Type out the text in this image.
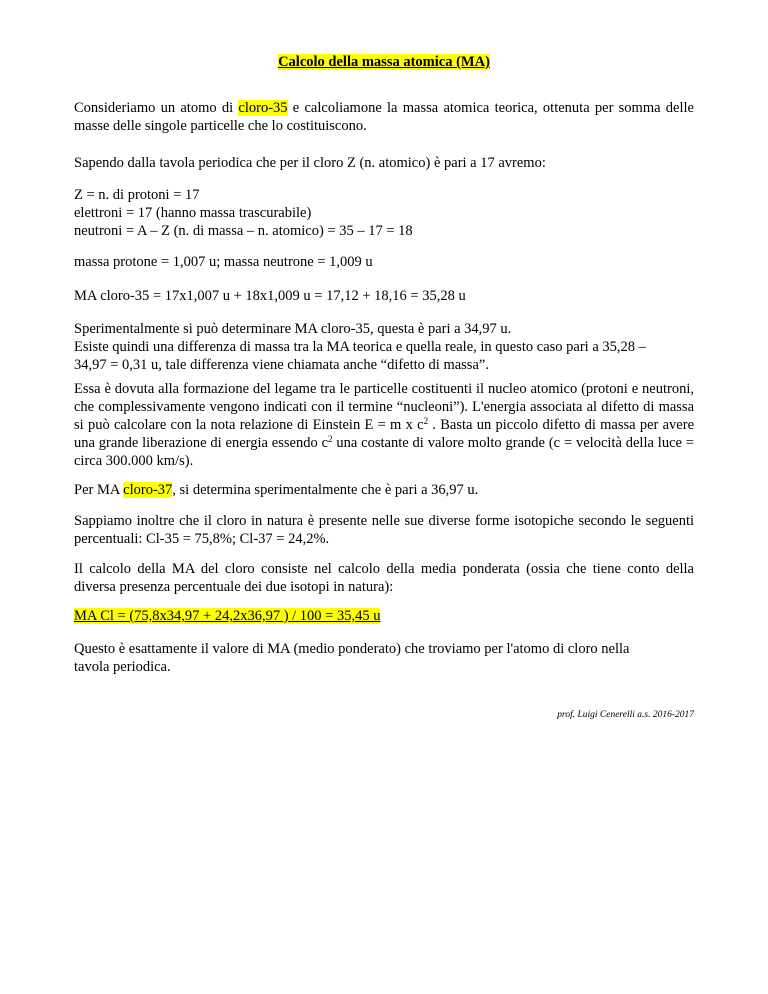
Calcolo della massa atomica (MA)

Consideriamo un atomo di cloro-35 e calcoliamone la massa atomica teorica, ottenuta per somma delle masse delle singole particelle che lo costituiscono.

Sapendo dalla tavola periodica che per il cloro Z (n. atomico) è pari a 17 avremo:

Z = n. di protoni = 17
elettroni = 17 (hanno massa trascurabile)
neutroni = A – Z (n. di massa – n. atomico) = 35 – 17 = 18

massa protone = 1,007 u; massa neutrone = 1,009 u

MA cloro-35 = 17x1,007 u + 18x1,009 u = 17,12 + 18,16 = 35,28 u

Sperimentalmente si può determinare MA cloro-35, questa è pari a 34,97 u.
Esiste quindi una differenza di massa tra la MA teorica e quella reale, in questo caso pari a 35,28 –
34,97 = 0,31 u, tale differenza viene chiamata anche “difetto di massa”.

Essa è dovuta alla formazione del legame tra le particelle costituenti il nucleo atomico (protoni e neutroni, che complessivamente vengono indicati con il termine “nucleoni”). L'energia associata al difetto di massa si può calcolare con la nota relazione di Einstein E = m x $c^2$ . Basta un piccolo difetto di massa per avere una grande liberazione di energia essendo $c^2$ una costante di valore molto grande (c = velocità della luce = circa 300.000 km/s).

Per MA cloro-37, si determina sperimentalmente che è pari a 36,97 u.

Sappiamo inoltre che il cloro in natura è presente nelle sue diverse forme isotopiche secondo le seguenti percentuali: Cl-35 = 75,8%; Cl-37 = 24,2%.

Il calcolo della MA del cloro consiste nel calcolo della media ponderata (ossia che tiene conto della diversa presenza percentuale dei due isotopi in natura):

MA Cl = (75,8x34,97 + 24,2x36,97 ) / 100 = 35,45 u

Questo è esattamente il valore di MA (medio ponderato) che troviamo per l'atomo di cloro nella
tavola periodica.
prof. Luigi Cenerelli a.s. 2016-2017
